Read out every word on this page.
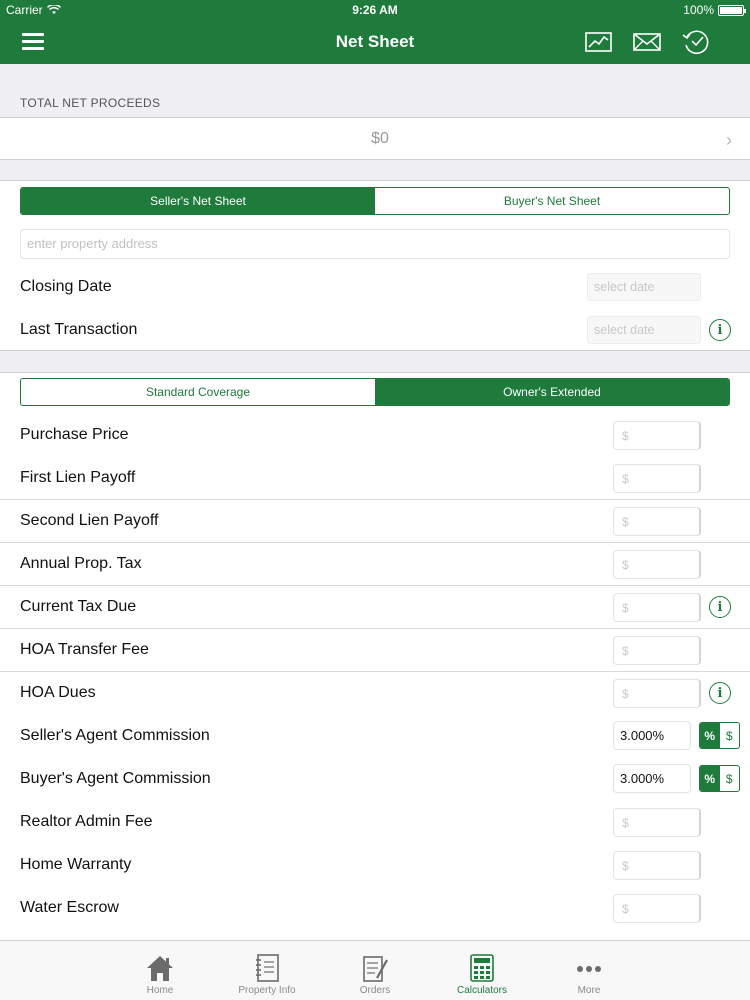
Carrier	9:26 AM	100%
Net Sheet
TOTAL NET PROCEEDS
$0	›
Seller's Net Sheet	Buyer's Net Sheet
enter property address
Closing Date	select date
Last Transaction	select date	i
Standard Coverage	Owner's Extended
Purchase Price	$
First Lien Payoff	$
Second Lien Payoff	$
Annual Prop. Tax	$
Current Tax Due	$	i
HOA Transfer Fee	$
HOA Dues	$	i
Seller's Agent Commission	3.000%	% $
Buyer's Agent Commission	3.000%	% $
Realtor Admin Fee	$
Home Warranty	$
Water Escrow	$
Home	Property Info	Orders	Calculators	More
